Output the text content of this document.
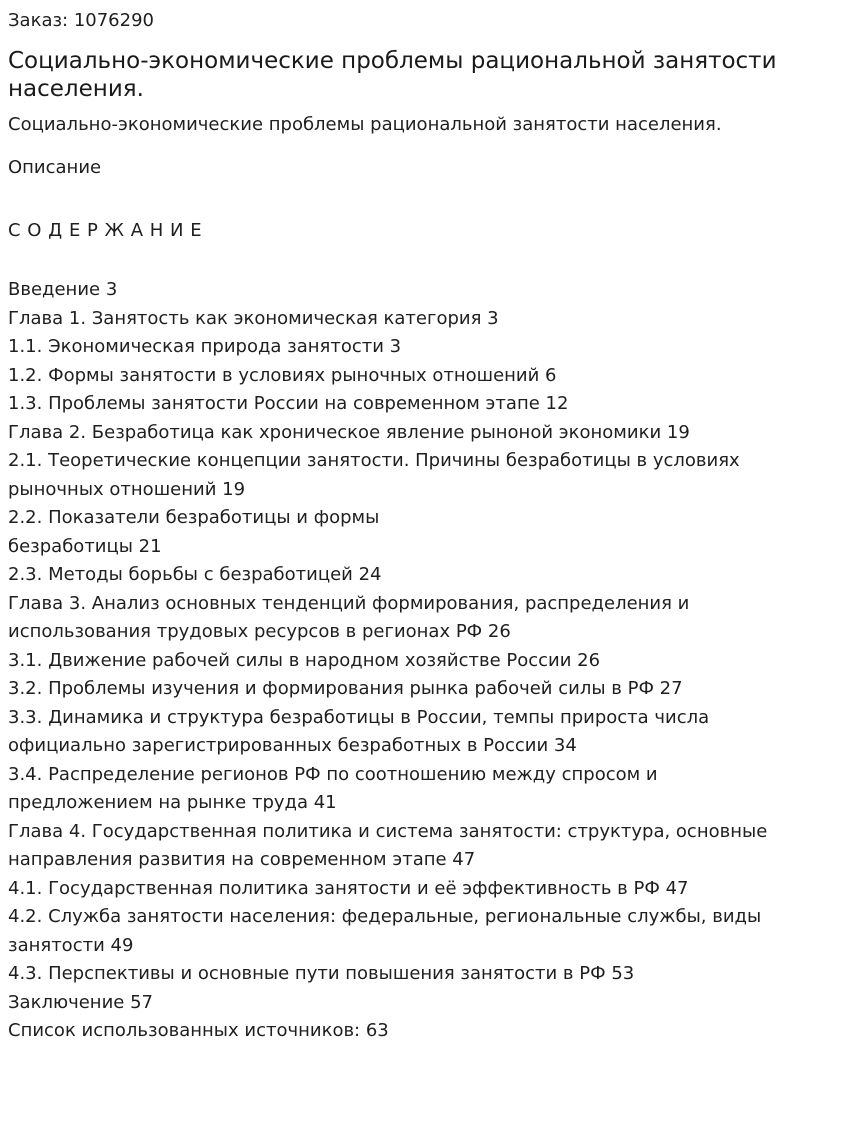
Заказ: 1076290

Социально-экономические проблемы рациональной занятости населения.

Социально-экономические проблемы рациональной занятости населения.

Описание

С О Д Е Р Ж А Н И Е

Введение 3
Глава 1. Занятость как экономическая категория 3
1.1. Экономическая природа занятости 3
1.2. Формы занятости в условиях рыночных отношений 6
1.3. Проблемы занятости России на современном этапе 12
Глава 2. Безработица как хроническое явление рыноной экономики 19
2.1. Теоретические концепции занятости. Причины безработицы в условиях
рыночных отношений 19
2.2. Показатели безработицы и формы
безработицы 21
2.3. Методы борьбы с безработицей 24
Глава 3. Анализ основных тенденций формирования, распределения и
использования трудовых ресурсов в регионах РФ 26
3.1. Движение рабочей силы в народном хозяйстве России 26
3.2. Проблемы изучения и формирования рынка рабочей силы в РФ 27
3.3. Динамика и структура безработицы в России, темпы прироста числа
официально зарегистрированных безработных в России 34
3.4. Распределение регионов РФ по соотношению между спросом и
предложением на рынке труда 41
Глава 4. Государственная политика и система занятости: структура, основные
направления развития на современном этапе 47
4.1. Государственная политика занятости и её эффективность в РФ 47
4.2. Служба занятости населения: федеральные, региональные службы, виды
занятости 49
4.3. Перспективы и основные пути повышения занятости в РФ 53
Заключение 57
Список использованных источников: 63
